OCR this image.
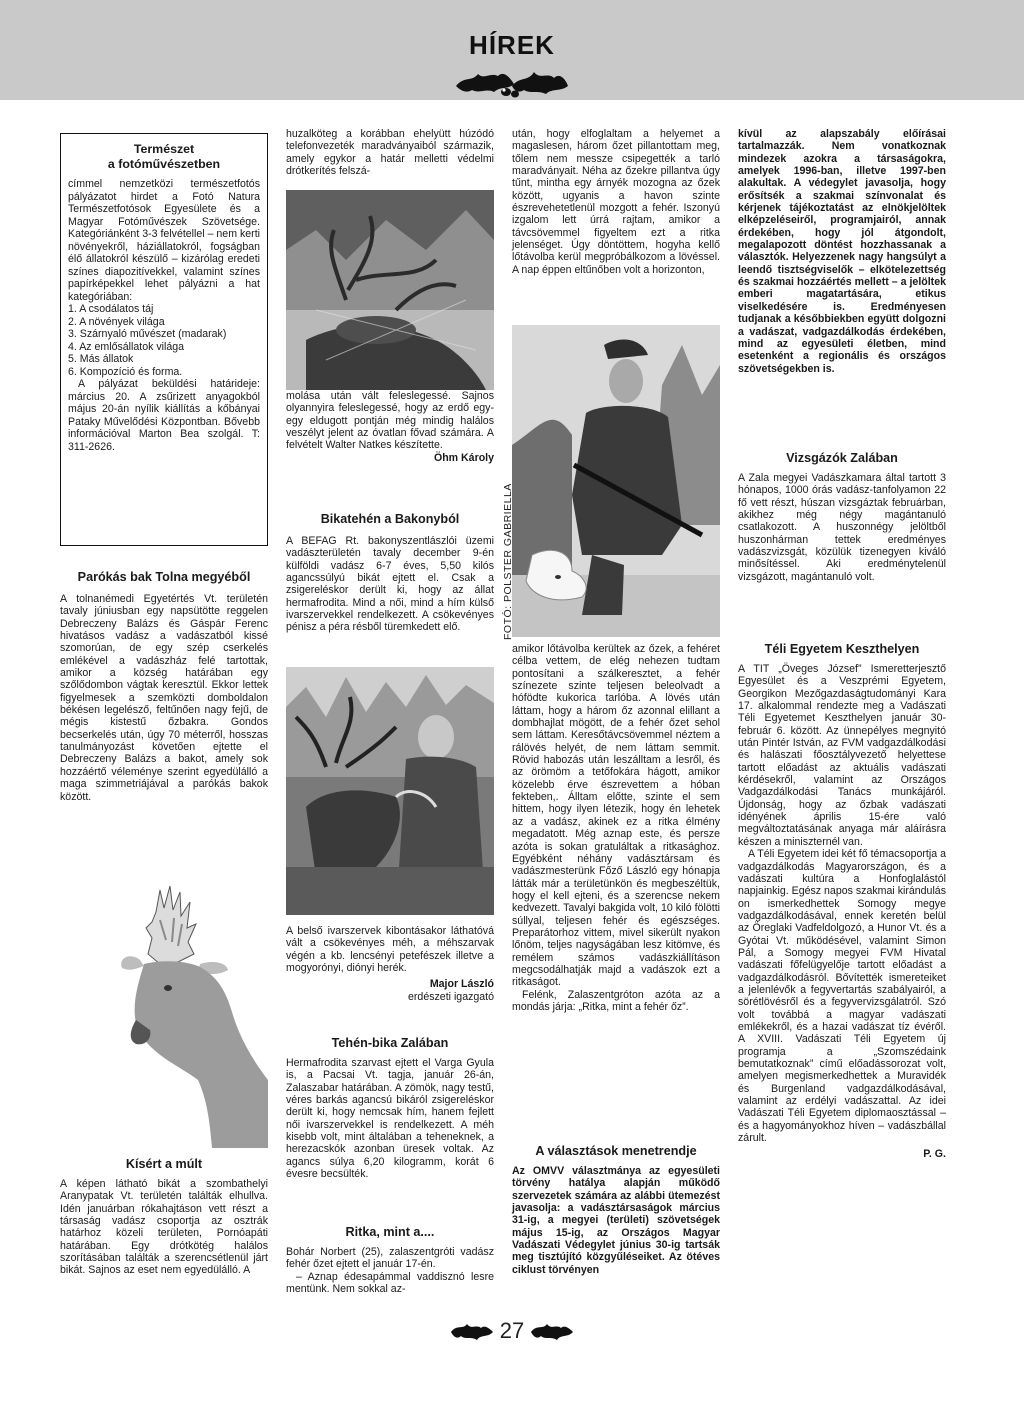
HÍREK

Természet

a fotóművészetben

címmel nemzetközi természetfotós pályázatot hirdet a Fotó Natura Természetfotósok Egyesülete és a Magyar Fotóművészek Szövetsége. Kategóriánként 3-3 felvétellel – nem kerti növényekről, háziállatokról, fogságban élő állatokról készülő – kizárólag eredeti színes diapozitívekkel, valamint színes papírképekkel lehet pályázni a hat kategóriában:

1. A csodálatos táj

2. A növények világa

3. Szárnyaló művészet (madarak)

4. Az emlősállatok világa

5. Más állatok

6. Kompozíció és forma.

A pályázat beküldési határideje: március 20. A zsűrizett anyagokból május 20-án nyílik kiállítás a kőbányai Pataky Művelődési Központban. Bővebb információval Marton Bea szolgál. T: 311-2626.

Parókás bak Tolna megyéből

A tolnanémedi Egyetértés Vt. területén tavaly júniusban egy napsütötte reggelen Debreczeny Balázs és Gáspár Ferenc hivatásos vadász a vadászatból kissé szomorúan, de egy szép cserkelés emlékével a vadászház felé tartottak, amikor a község határában egy szőlődombon vágtak keresztül. Ekkor lettek figyelmesek a szemközti domboldalon békésen legelésző, feltűnően nagy fejű, de mégis kistestű őzbakra. Gondos becserkelés után, úgy 70 méterről, hosszas tanulmányozást követően ejtette el Debreczeny Balázs a bakot, amely sok hozzáértő véleménye szerint egyedülálló a maga szimmetriájával a parókás bakok között.

Kísért a múlt

A képen látható bikát a szombathelyi Aranypatak Vt. területén találták elhullva. Idén januárban rókahajtáson vett részt a társaság vadász csoportja az osztrák határhoz közeli területen, Pornóapáti határában. Egy drótkötég halálos szorításában találták a szerencsétlenül járt bikát. Sajnos az eset nem egyedülálló. A

huzalköteg a korábban ehelyütt húzódó telefonvezeték maradványaiból származik, amely egykor a határ melletti védelmi drótkerítés felszá-

molása után vált feleslegessé. Sajnos olyannyira feleslegessé, hogy az erdő egy-egy eldugott pontján még mindig halálos veszélyt jelent az óvatlan fővad számára. A felvételt Walter Natkes készítette.

Öhm Károly

Bikatehén a Bakonyból

A BEFAG Rt. bakonyszentlászlói üzemi vadászterületén tavaly december 9-én külföldi vadász 6-7 éves, 5,50 kilós agancssúlyú bikát ejtett el. Csak a zsigereléskor derült ki, hogy az állat hermafrodita. Mind a női, mind a hím külső ivarszervekkel rendelkezett. A csökevényes pénisz a péra résből türemkedett elő.

A belső ivarszervek kibontásakor láthatóvá vált a csökevényes méh, a méhszarvak végén a kb. lencsényi petefészek illetve a mogyorónyi, diónyi herék.

Major László

erdészeti igazgató

Tehén-bika Zalában

Hermafrodita szarvast ejtett el Varga Gyula is, a Pacsai Vt. tagja, január 26-án, Zalaszabar határában. A zömök, nagy testű, véres barkás agancsú bikáról zsigereléskor derült ki, hogy nemcsak hím, hanem fejlett női ivarszervekkel is rendelkezett. A méh kisebb volt, mint általában a teheneknek, a herezacskók azonban üresek voltak. Az agancs súlya 6,20 kilogramm, korát 6 évesre becsülték.

Ritka, mint a....

Bohár Norbert (25), zalaszentgróti vadász fehér őzet ejtett el január 17-én.

– Aznap édesapámmal vaddisznó lesre mentünk. Nem sokkal az-

után, hogy elfoglaltam a helyemet a magaslesen, három őzet pillantottam meg, tőlem nem messze csipegették a tarló maradványait. Néha az őzekre pillantva úgy tűnt, mintha egy árnyék mozogna az őzek között, ugyanis a havon szinte észrevehetetlenül mozgott a fehér. Iszonyú izgalom lett úrrá rajtam, amikor a távcsövemmel figyeltem ezt a ritka jelenséget. Úgy döntöttem, hogyha kellő lőtávolba kerül megpróbálkozom a lövéssel. A nap éppen eltűnőben volt a horizonton,

FOTÓ: POLSTER GABRIELLA

amikor lőtávolba kerültek az őzek, a fehéret célba vettem, de elég nehezen tudtam pontosítani a szálkeresztet, a fehér színezete szinte teljesen beleolvadt a hófödte kukorica tarlóba. A lövés után láttam, hogy a három őz azonnal elillant a dombhajlat mögött, de a fehér őzet sehol sem láttam. Keresőtávcsövemmel néztem a rálövés helyét, de nem láttam semmit. Rövid habozás után leszálltam a lesről, és az örömöm a tetőfokára hágott, amikor közelebb érve észrevettem a hóban fekteben,. Álltam előtte, szinte el sem hittem, hogy ilyen létezik, hogy én lehetek az a vadász, akinek ez a ritka élmény megadatott. Még aznap este, és persze azóta is sokan gratuláltak a ritkasághoz. Egyébként néhány vadásztársam és vadászmesterünk Főző László egy hónapja látták már a területünkön és megbeszéltük, hogy el kell ejteni, és a szerencse nekem kedvezett. Tavalyi bakgida volt, 10 kiló fölötti súllyal, teljesen fehér és egészséges. Preparátorhoz vittem, mivel sikerült nyakon lőnöm, teljes nagyságában lesz kitömve, és remélem számos vadászkiállításon megcsodálhatják majd a vadászok ezt a ritkaságot.

Felénk, Zalaszentgróton azóta az a mondás járja: „Ritka, mint a fehér őz”.

A választások menetrendje

Az OMVV választmánya az egyesületi törvény hatálya alapján működő szervezetek számára az alábbi ütemezést javasolja: a vadásztársaságok március 31-ig, a megyei (területi) szövetségek május 15-ig, az Országos Magyar Vadászati Védegylet június 30-ig tartsák meg tisztújító közgyűléseiket. Az ötéves ciklust törvényen

kívül az alapszabály előírásai tartalmazzák. Nem vonatkoznak mindezek azokra a társaságokra, amelyek 1996-ban, illetve 1997-ben alakultak. A védegylet javasolja, hogy erősítsék a szakmai színvonalat és kérjenek tájékoztatást az elnökjelöltek elképzeléseiről, programjairól, annak érdekében, hogy jól átgondolt, megalapozott döntést hozzhassanak a választók. Helyezzenek nagy hangsúlyt a leendő tisztségviselők – elkötelezettség és szakmai hozzáértés mellett – a jelöltek emberi magatartására, etikus viselkedésére is. Eredményesen tudjanak a későbbiekben együtt dolgozni a vadászat, vadgazdálkodás érdekében, mind az egyesületi életben, mind esetenként a regionális és országos szövetségekben is.

Vizsgázók Zalában

A Zala megyei Vadászkamara által tartott 3 hónapos, 1000 órás vadász-tanfolyamon 22 fő vett részt, húszan vizsgáztak februárban, akikhez még négy magántanuló csatlakozott. A huszonnégy jelöltből huszonhárman tettek eredményes vadászvizsgát, közülük tizenegyen kiváló minősítéssel. Aki eredménytelenül vizsgázott, magántanuló volt.

Téli Egyetem Keszthelyen

A TIT „Öveges József” Ismeretterjesztő Egyesület és a Veszprémi Egyetem, Georgikon Mezőgazdaságtudományi Kara 17. alkalommal rendezte meg a Vadászati Téli Egyetemet Keszthelyen január 30-február 6. között. Az ünnepélyes megnyitó után Pintér István, az FVM vadgazdálkodási és halászati főosztályvezető helyettese tartott előadást az aktuális vadászati kérdésekről, valamint az Országos Vadgazdálkodási Tanács munkájáról. Újdonság, hogy az őzbak vadászati idényének április 15-ére való megváltoztatásának anyaga már aláírásra készen a miniszternél van.

A Téli Egyetem idei két fő témacsoportja a vadgazdálkodás Magyarországon, és a vadászati kultúra a Honfoglalástól napjainkig. Egész napos szakmai kirándulás on ismerkedhettek Somogy megye vadgazdálkodásával, ennek keretén belül az Öreglaki Vadfeldolgozó, a Hunor Vt. és a Gyótai Vt. működésével, valamint Simon Pál, a Somogy megyei FVM Hivatal vadászati főfelügyelője tartott előadást a vadgazdálkodásról. Bővítették ismereteiket a jelenlévők a fegyvertartás szabályairól, a sörétlövésről és a fegyvervizsgálatról. Szó volt továbbá a magyar vadászati emlékekről, és a hazai vadászat tíz évéről. A XVIII. Vadászati Téli Egyetem új programja a „Szomszédaink bemutatkoznak” című előadássorozat volt, amelyen megismerkedhettek a Muravidék és Burgenland vadgazdálkodásával, valamint az erdélyi vadászattal. Az idei Vadászati Téli Egyetem diplomaosztással – és a hagyományokhoz híven – vadászbállal zárult.

P. G.

27
